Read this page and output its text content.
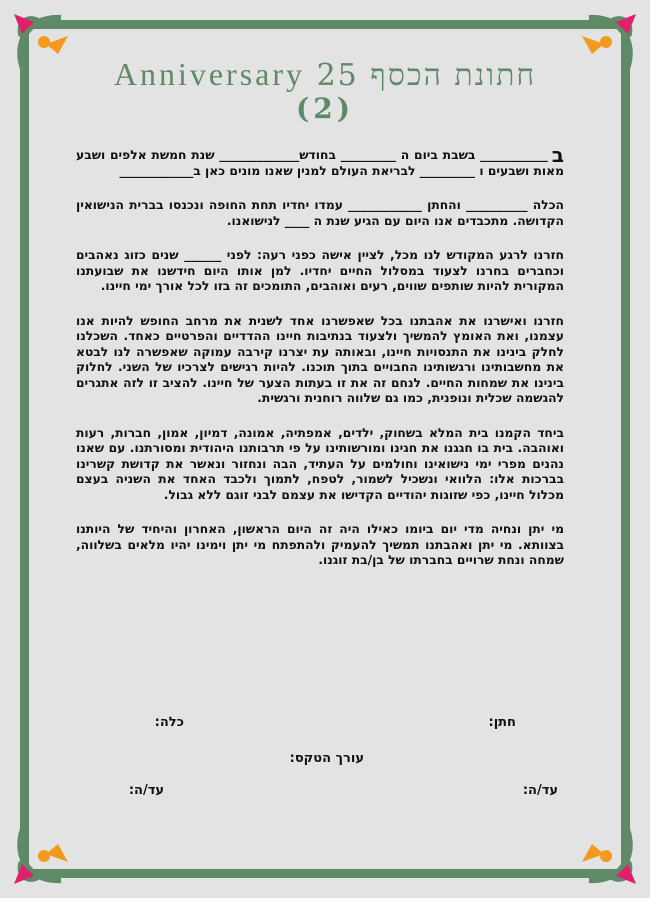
Anniversary 25 חתונת הכסף
(2)

ב___________ בשבת ביום ה _________ בחודש_____________ שנת חמשת אלפים ושבע מאות ושבעים ו _________ לבריאת העולם למנין שאנו מונים כאן ב____________

הכלה __________ והחתן ____________ עמדו יחדיו תחת החופה ונכנסו בברית הנישואין הקדושה. מתכבדים אנו היום עם הגיע שנת ה ____ לנישואנו.

חזרנו לרגע המקודש לנו מכל, לציין אישה כפני רעה: לפני ______ שנים כזוג נאהבים וכחברים בחרנו לצעוד במסלול החיים יחדיו. למן אותו היום חידשנו את שבועתנו המקורית להיות שותפים שווים, רעים ואוהבים, התומכים זה בזו לכל אורך ימי חיינו.

חזרנו ואישרנו את אהבתנו בכל שאפשרנו אחד לשנית את מרחב החופש להיות אנו עצמנו, ואת האומץ להמשיך ולצעוד בנתיבות חיינו ההדדיים והפרטיים כאחד. השכלנו לחלק בינינו את התנסויות חיינו, ובאותה עת יצרנו קירבה עמוקה שאפשרה לנו לבטא את מחשבותינו ורגשותינו החבויים בתוך תוכנו. להיות רגישים לצרכיו של השני. לחלוק בינינו את שמחות החיים. לנחם זה את זו בעתות הצער של חיינו. להציב זו לזה אתגרים להגשמה שכלית ונופנית, כמו גם שלווה רוחנית ורגשית.

ביחד הקמנו בית המלא בשחוק, ילדים, אמפתיה, אמונה, דמיון, אמון, חברות, רעות ואוהבה. בית בו חגגנו את חגינו ומורשותינו על פי תרבותנו היהודית ומסורתנו. עם שאנו נהנים מפרי ימי נישואינו וחולמים על העתיד, הבה ונחזור ונאשר את קדושת קשרינו בברכות אלו: הלוואי ונשכיל לשמור, לטפח, לתמוך ולכבד האחד את השניה בעצם מכלול חיינו, כפי שזוגות יהודיים הקדישו את עצמם לבני זוגם ללא גבול.

מי יתן ונחיה מדי יום ביומו כאילו היה זה היום הראשון, האחרון והיחיד של היותנו בצוותא. מי יתן ואהבתנו תמשיך להעמיק ולהתפתח מי יתן וימינו יהיו מלאים בשלווה, שמחה ונחת שרויים בחברתו של בן/בת זוגנו.

חתן:
כלה:
עורך הטקס:
עד/ה:
עד/ה:
